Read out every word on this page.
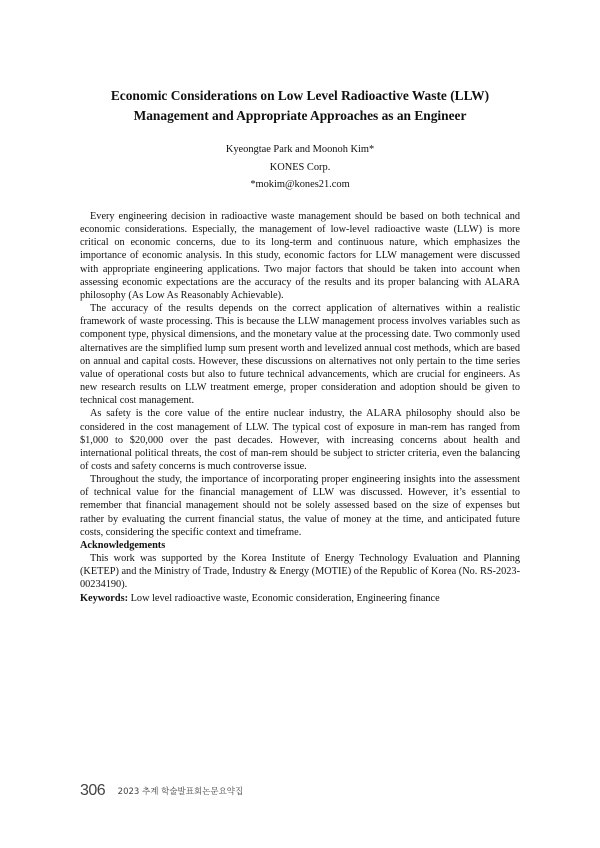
Economic Considerations on Low Level Radioactive Waste (LLW)
Management and Appropriate Approaches as an Engineer
Kyeongtae Park and Moonoh Kim*
KONES Corp.
*mokim@kones21.com

Every engineering decision in radioactive waste management should be based on both technical and economic considerations. Especially, the management of low-level radioactive waste (LLW) is more critical on economic concerns, due to its long-term and continuous nature, which emphasizes the importance of economic analysis. In this study, economic factors for LLW management were discussed with appropriate engineering applications. Two major factors that should be taken into account when assessing economic expectations are the accuracy of the results and its proper balancing with ALARA philosophy (As Low As Reasonably Achievable).

The accuracy of the results depends on the correct application of alternatives within a realistic framework of waste processing. This is because the LLW management process involves variables such as component type, physical dimensions, and the monetary value at the processing date. Two commonly used alternatives are the simplified lump sum present worth and levelized annual cost methods, which are based on annual and capital costs. However, these discussions on alternatives not only pertain to the time series value of operational costs but also to future technical advancements, which are crucial for engineers. As new research results on LLW treatment emerge, proper consideration and adoption should be given to technical cost management.

As safety is the core value of the entire nuclear industry, the ALARA philosophy should also be considered in the cost management of LLW. The typical cost of exposure in man-rem has ranged from $1,000 to $20,000 over the past decades. However, with increasing concerns about health and international political threats, the cost of man-rem should be subject to stricter criteria, even the balancing of costs and safety concerns is much controverse issue.

Throughout the study, the importance of incorporating proper engineering insights into the assessment of technical value for the financial management of LLW was discussed. However, it’s essential to remember that financial management should not be solely assessed based on the size of expenses but rather by evaluating the current financial status, the value of money at the time, and anticipated future costs, considering the specific context and timeframe.

Acknowledgements

This work was supported by the Korea Institute of Energy Technology Evaluation and Planning (KETEP) and the Ministry of Trade, Industry & Energy (MOTIE) of the Republic of Korea (No. RS-2023-00234190).

Keywords: Low level radioactive waste, Economic consideration, Engineering finance

306 2023 추계 학술발표회논문요약집
